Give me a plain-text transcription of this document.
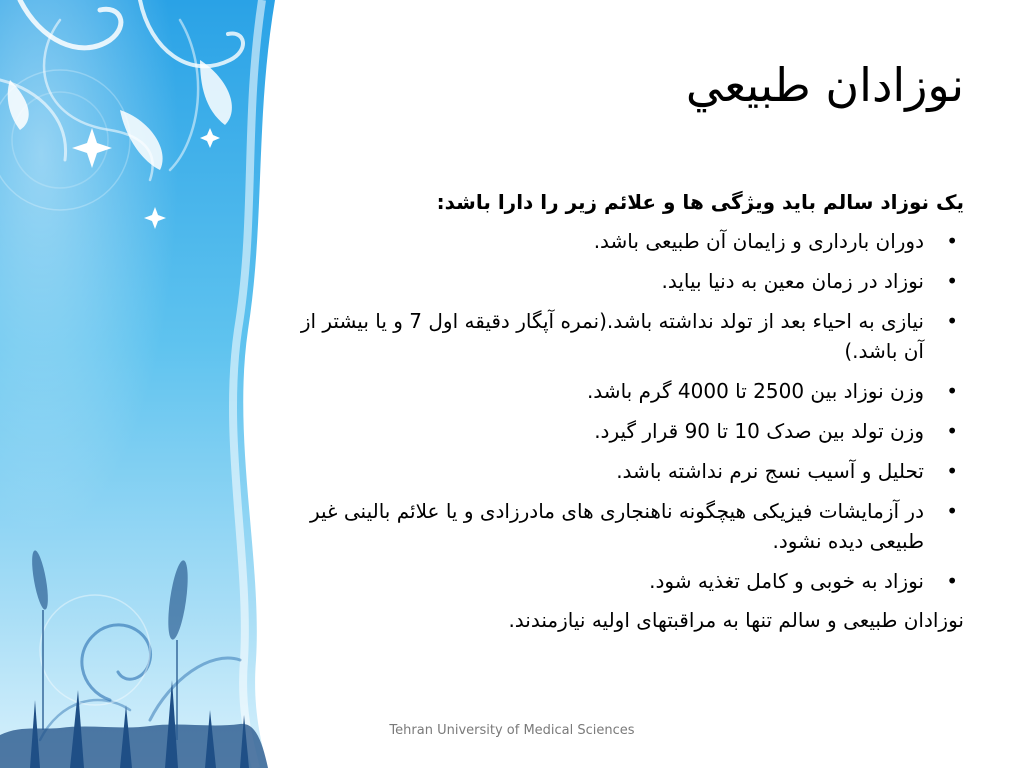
نوزادان طبيعي
یک نوزاد سالم باید ویژگی ها و علائم زیر را دارا باشد:
•
دوران بارداری و زایمان آن طبیعی باشد.
•
نوزاد در زمان معین به دنیا بیاید.
•
نیازی به احیاء بعد از تولد نداشته باشد.(نمره آپگار دقیقه اول 7 و یا بیشتر از آن باشد.)
•
وزن نوزاد بین 2500 تا 4000 گرم باشد.
•
وزن تولد بین صدک 10 تا 90 قرار گیرد.
•
تحلیل و آسیب نسج نرم نداشته باشد.
•
در آزمایشات فیزیکی هیچگونه ناهنجاری های مادرزادی و یا علائم بالینی غیر طبیعی دیده نشود.
•
نوزاد به خوبی و کامل تغذیه شود.
نوزادان طبیعی و سالم تنها به مراقبتهای اولیه نیازمندند.
Tehran University of Medical Sciences
